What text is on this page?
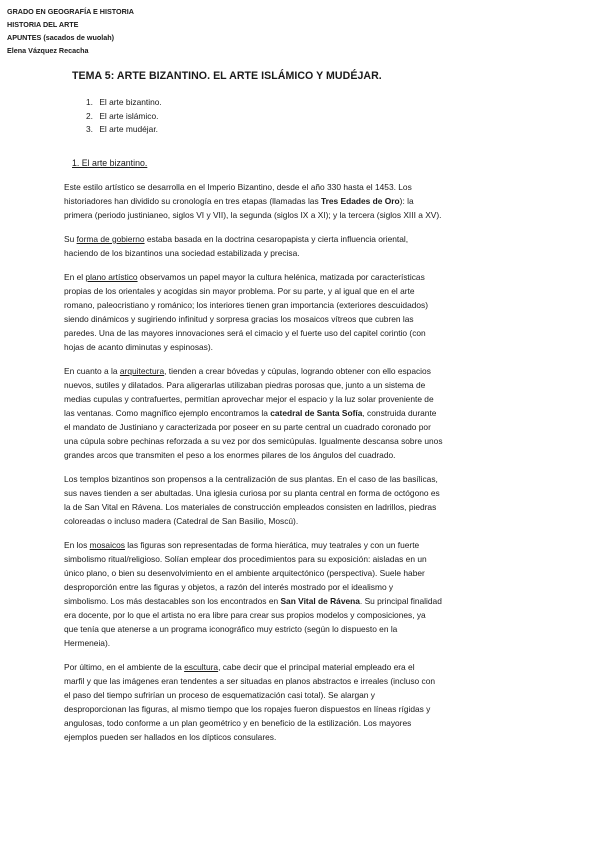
GRADO EN GEOGRAFÍA E HISTORIA
HISTORIA DEL ARTE
APUNTES (sacados de wuolah)
Elena Vázquez Recacha
TEMA 5: ARTE BIZANTINO. EL ARTE ISLÁMICO Y MUDÉJAR.
1. El arte bizantino.
2. El arte islámico.
3. El arte mudéjar.
1. El arte bizantino.
Este estilo artístico se desarrolla en el Imperio Bizantino, desde el año 330 hasta el 1453. Los
historiadores han dividido su cronología en tres etapas (llamadas las Tres Edades de Oro): la
primera (periodo justinianeo, siglos VI y VII), la segunda (siglos IX a XI); y la tercera (siglos XIII a XV).
Su forma de gobierno estaba basada en la doctrina cesaropapista y cierta influencia oriental,
haciendo de los bizantinos una sociedad estabilizada y precisa.
En el plano artístico observamos un papel mayor la cultura helénica, matizada por características
propias de los orientales y acogidas sin mayor problema. Por su parte, y al igual que en el arte
romano, paleocristiano y románico; los interiores tienen gran importancia (exteriores descuidados)
siendo dinámicos y sugiriendo infinitud y sorpresa gracias los mosaicos vítreos que cubren las
paredes. Una de las mayores innovaciones será el cimacio y el fuerte uso del capitel corintio (con
hojas de acanto diminutas y espinosas).
En cuanto a la arquitectura, tienden a crear bóvedas y cúpulas, logrando obtener con ello espacios
nuevos, sutiles y dilatados. Para aligerarlas utilizaban piedras porosas que, junto a un sistema de
medias cupulas y contrafuertes, permitían aprovechar mejor el espacio y la luz solar proveniente de
las ventanas. Como magnífico ejemplo encontramos la catedral de Santa Sofía, construida durante
el mandato de Justiniano y caracterizada por poseer en su parte central un cuadrado coronado por
una cúpula sobre pechinas reforzada a su vez por dos semicúpulas. Igualmente descansa sobre unos
grandes arcos que transmiten el peso a los enormes pilares de los ángulos del cuadrado.
Los templos bizantinos son propensos a la centralización de sus plantas. En el caso de las basílicas,
sus naves tienden a ser abultadas. Una iglesia curiosa por su planta central en forma de octógono es
la de San Vital en Rávena. Los materiales de construcción empleados consisten en ladrillos, piedras
coloreadas o incluso madera (Catedral de San Basilio, Moscú).
En los mosaicos las figuras son representadas de forma hierática, muy teatrales y con un fuerte
simbolismo ritual/religioso. Solían emplear dos procedimientos para su exposición: aisladas en un
único plano, o bien su desenvolvimiento en el ambiente arquitectónico (perspectiva). Suele haber
desproporción entre las figuras y objetos, a razón del interés mostrado por el idealismo y
simbolismo. Los más destacables son los encontrados en San Vital de Rávena. Su principal finalidad
era docente, por lo que el artista no era libre para crear sus propios modelos y composiciones, ya
que tenía que atenerse a un programa iconográfico muy estricto (según lo dispuesto en la
Hermeneia).
Por último, en el ambiente de la escultura, cabe decir que el principal material empleado era el
marfil y que las imágenes eran tendentes a ser situadas en planos abstractos e irreales (incluso con
el paso del tiempo sufrirían un proceso de esquematización casi total). Se alargan y
desproporcionan las figuras, al mismo tiempo que los ropajes fueron dispuestos en líneas rígidas y
angulosas, todo conforme a un plan geométrico y en beneficio de la estilización. Los mayores
ejemplos pueden ser hallados en los dípticos consulares.
